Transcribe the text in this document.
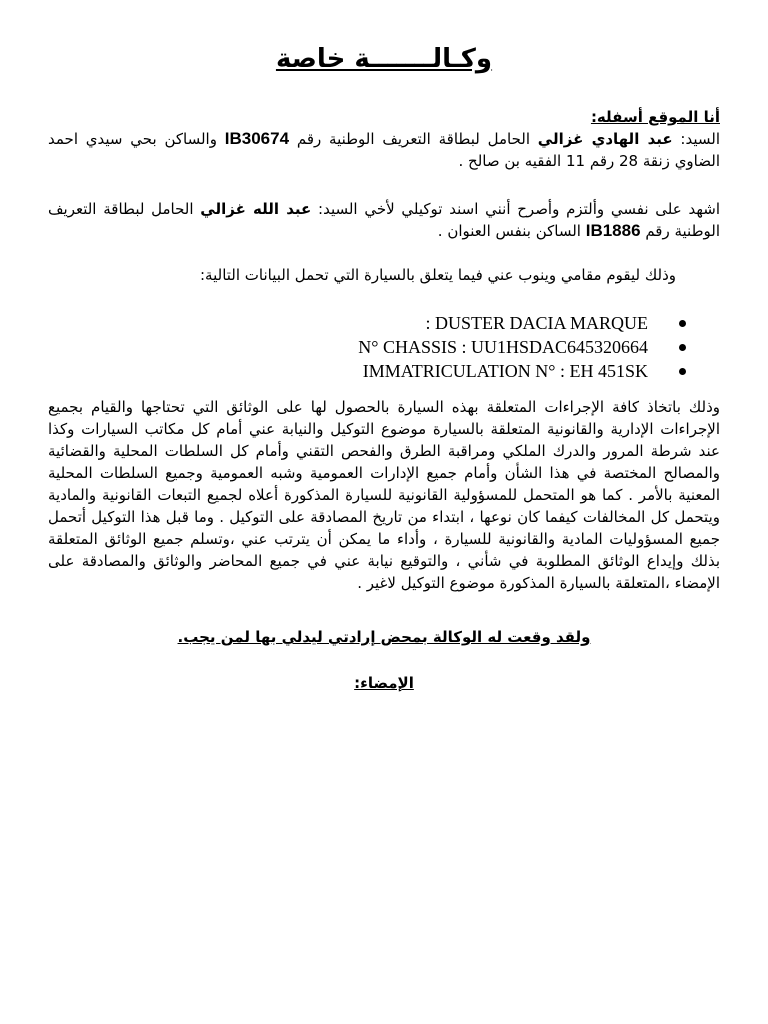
وكـالـــــــة خاصة
أنا الموقع أسفله:
السيد: عبد الهادي غزالي الحامل لبطاقة التعريف الوطنية رقم IB30674 والساكن بحي سيدي احمد الضاوي زنقة 28 رقم 11 الفقيه بن صالح .
اشهد على نفسي وألتزم وأصرح أنني اسند توكيلي لأخي السيد: عبد الله غزالي الحامل لبطاقة التعريف الوطنية رقم IB1886 الساكن بنفس العنوان .
وذلك ليقوم مقامي وينوب عني فيما يتعلق بالسيارة التي تحمل البيانات التالية:
: DUSTER DACIA MARQUE
N° CHASSIS : UU1HSDAC645320664
IMMATRICULATION N° : EH 451SK
وذلك باتخاذ كافة الإجراءات المتعلقة بهذه السيارة بالحصول لها على الوثائق التي تحتاجها والقيام بجميع الإجراءات الإدارية والقانونية المتعلقة بالسيارة موضوع التوكيل والنيابة عني أمام كل مكاتب السيارات وكذا عند شرطة المرور والدرك الملكي ومراقبة الطرق والفحص التقني وأمام كل السلطات المحلية والقضائية والمصالح المختصة في هذا الشأن وأمام جميع الإدارات العمومية وشبه العمومية وجميع السلطات المحلية المعنية بالأمر . كما هو المتحمل للمسؤولية القانونية للسيارة المذكورة أعلاه لجميع التبعات القانونية والمادية ويتحمل كل المخالفات كيفما كان نوعها ، ابتداء من تاريخ المصادقة على التوكيل . وما قبل هذا التوكيل أتحمل جميع المسؤوليات المادية والقانونية للسيارة ، وأداء ما يمكن أن يترتب عني ،وتسلم جميع الوثائق المتعلقة بذلك وإيداع الوثائق المطلوبة في شأني ، والتوقيع نيابة عني في جميع المحاضر والوثائق والمصادقة على الإمضاء ،المتعلقة بالسيارة المذكورة موضوع التوكيل لاغير .
ولقد وقعت له الوكالة بمحض إرادتي ليدلي بها لمن يجب.
الإمضاء:
